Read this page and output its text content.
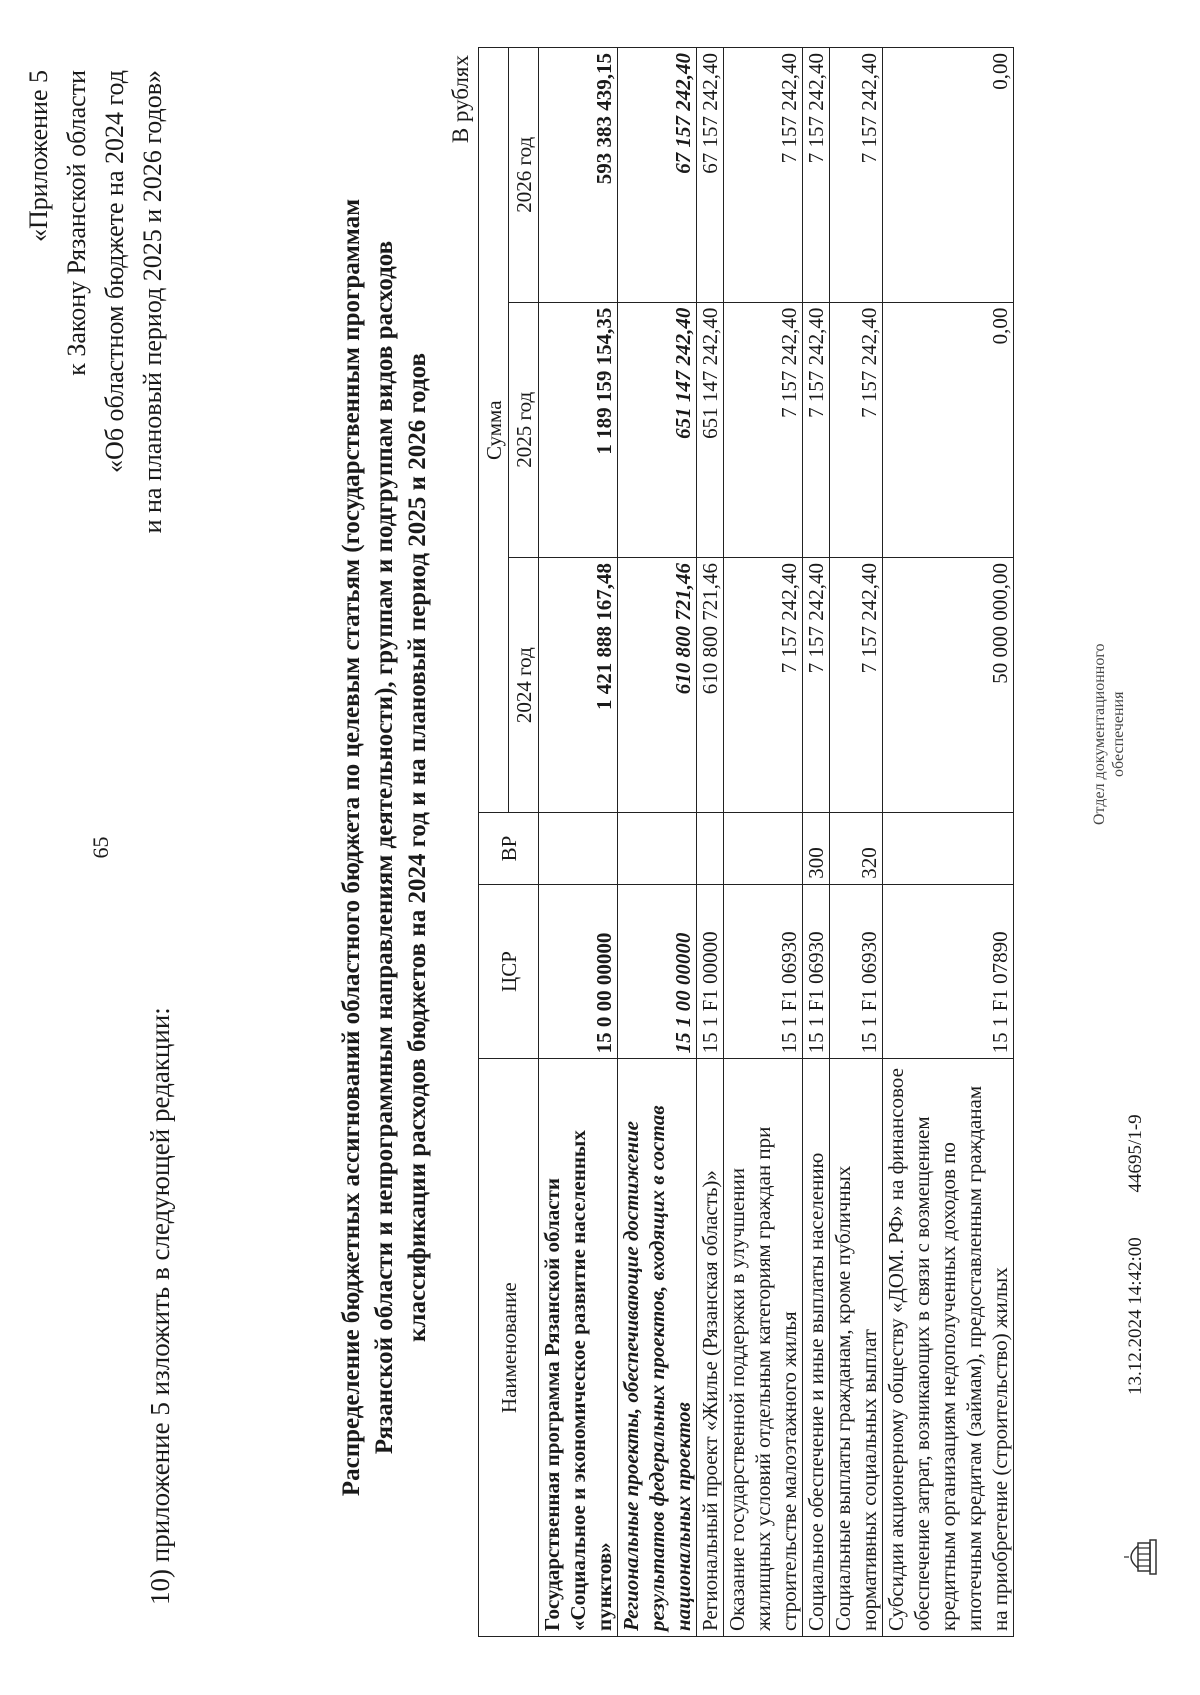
65
10) приложение 5 изложить в следующей редакции:
«Приложение 5 к Закону Рязанской области «Об областном бюджете на 2024 год и на плановый период 2025 и 2026 годов»	Распределение бюджетных ассигнований областного бюджета по целевым статьям (государственным программам Рязанской области и непрограммным направлениям деятельности), группам и подгруппам видов расходов классификации расходов бюджетов на 2024 год и на плановый период 2025 и 2026 годов
В рублях
Наименование	ЦСР	ВР	Сумма		
			2024 год	2025 год	2026 год
Государственная программа Рязанской области «Социальное и экономическое развитие населенных пунктов»	15 0 00 00000		1 421 888 167,48	1 189 159 154,35	593 383 439,15
Региональные проекты, обеспечивающие достижение результатов федеральных проектов, входящих в состав национальных проектов	15 1 00 00000		610 800 721,46	651 147 242,40	67 157 242,40
Региональный проект «Жилье (Рязанская область)»	15 1 F1 00000		610 800 721,46	651 147 242,40	67 157 242,40
Оказание государственной поддержки в улучшении жилищных условий отдельным категориям граждан при строительстве малоэтажного жилья	15 1 F1 06930		7 157 242,40	7 157 242,40	7 157 242,40
Социальное обеспечение и иные выплаты населению	15 1 F1 06930	300	7 157 242,40	7 157 242,40	7 157 242,40
Социальные выплаты гражданам, кроме публичных нормативных социальных выплат	15 1 F1 06930	320	7 157 242,40	7 157 242,40	7 157 242,40
Субсидии акционерному обществу «ДОМ. РФ» на финансовое обеспечение затрат, возникающих в связи с возмещением кредитным организациям недополученных доходов по ипотечным кредитам (займам), предоставленным гражданам на приобретение (строительство) жилых	15 1 F1 07890		50 000 000,00	0,00	0,00
13.12.2024 14:42:00 44695/1-9
Отдел документационного обеспечения
